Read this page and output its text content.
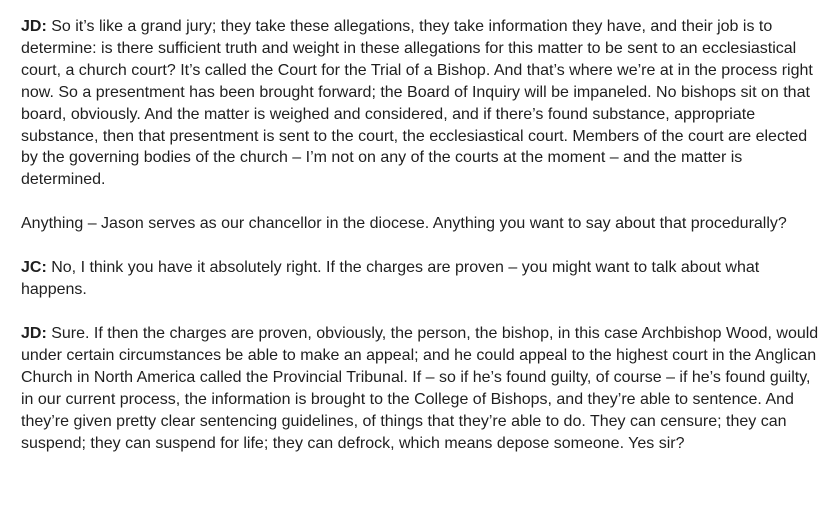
JD: So it’s like a grand jury; they take these allegations, they take information they have, and their job is to determine: is there sufficient truth and weight in these allegations for this matter to be sent to an ecclesiastical court, a church court? It’s called the Court for the Trial of a Bishop. And that’s where we’re at in the process right now. So a presentment has been brought forward; the Board of Inquiry will be impaneled. No bishops sit on that board, obviously. And the matter is weighed and considered, and if there’s found substance, appropriate substance, then that presentment is sent to the court, the ecclesiastical court. Members of the court are elected by the governing bodies of the church – I’m not on any of the courts at the moment – and the matter is determined.

Anything – Jason serves as our chancellor in the diocese. Anything you want to say about that procedurally?

JC: No, I think you have it absolutely right. If the charges are proven – you might want to talk about what happens.

JD: Sure. If then the charges are proven, obviously, the person, the bishop, in this case Archbishop Wood, would under certain circumstances be able to make an appeal; and he could appeal to the highest court in the Anglican Church in North America called the Provincial Tribunal. If – so if he’s found guilty, of course – if he’s found guilty, in our current process, the information is brought to the College of Bishops, and they’re able to sentence. And they’re given pretty clear sentencing guidelines, of things that they’re able to do. They can censure; they can suspend; they can suspend for life; they can defrock, which means depose someone. Yes sir?
